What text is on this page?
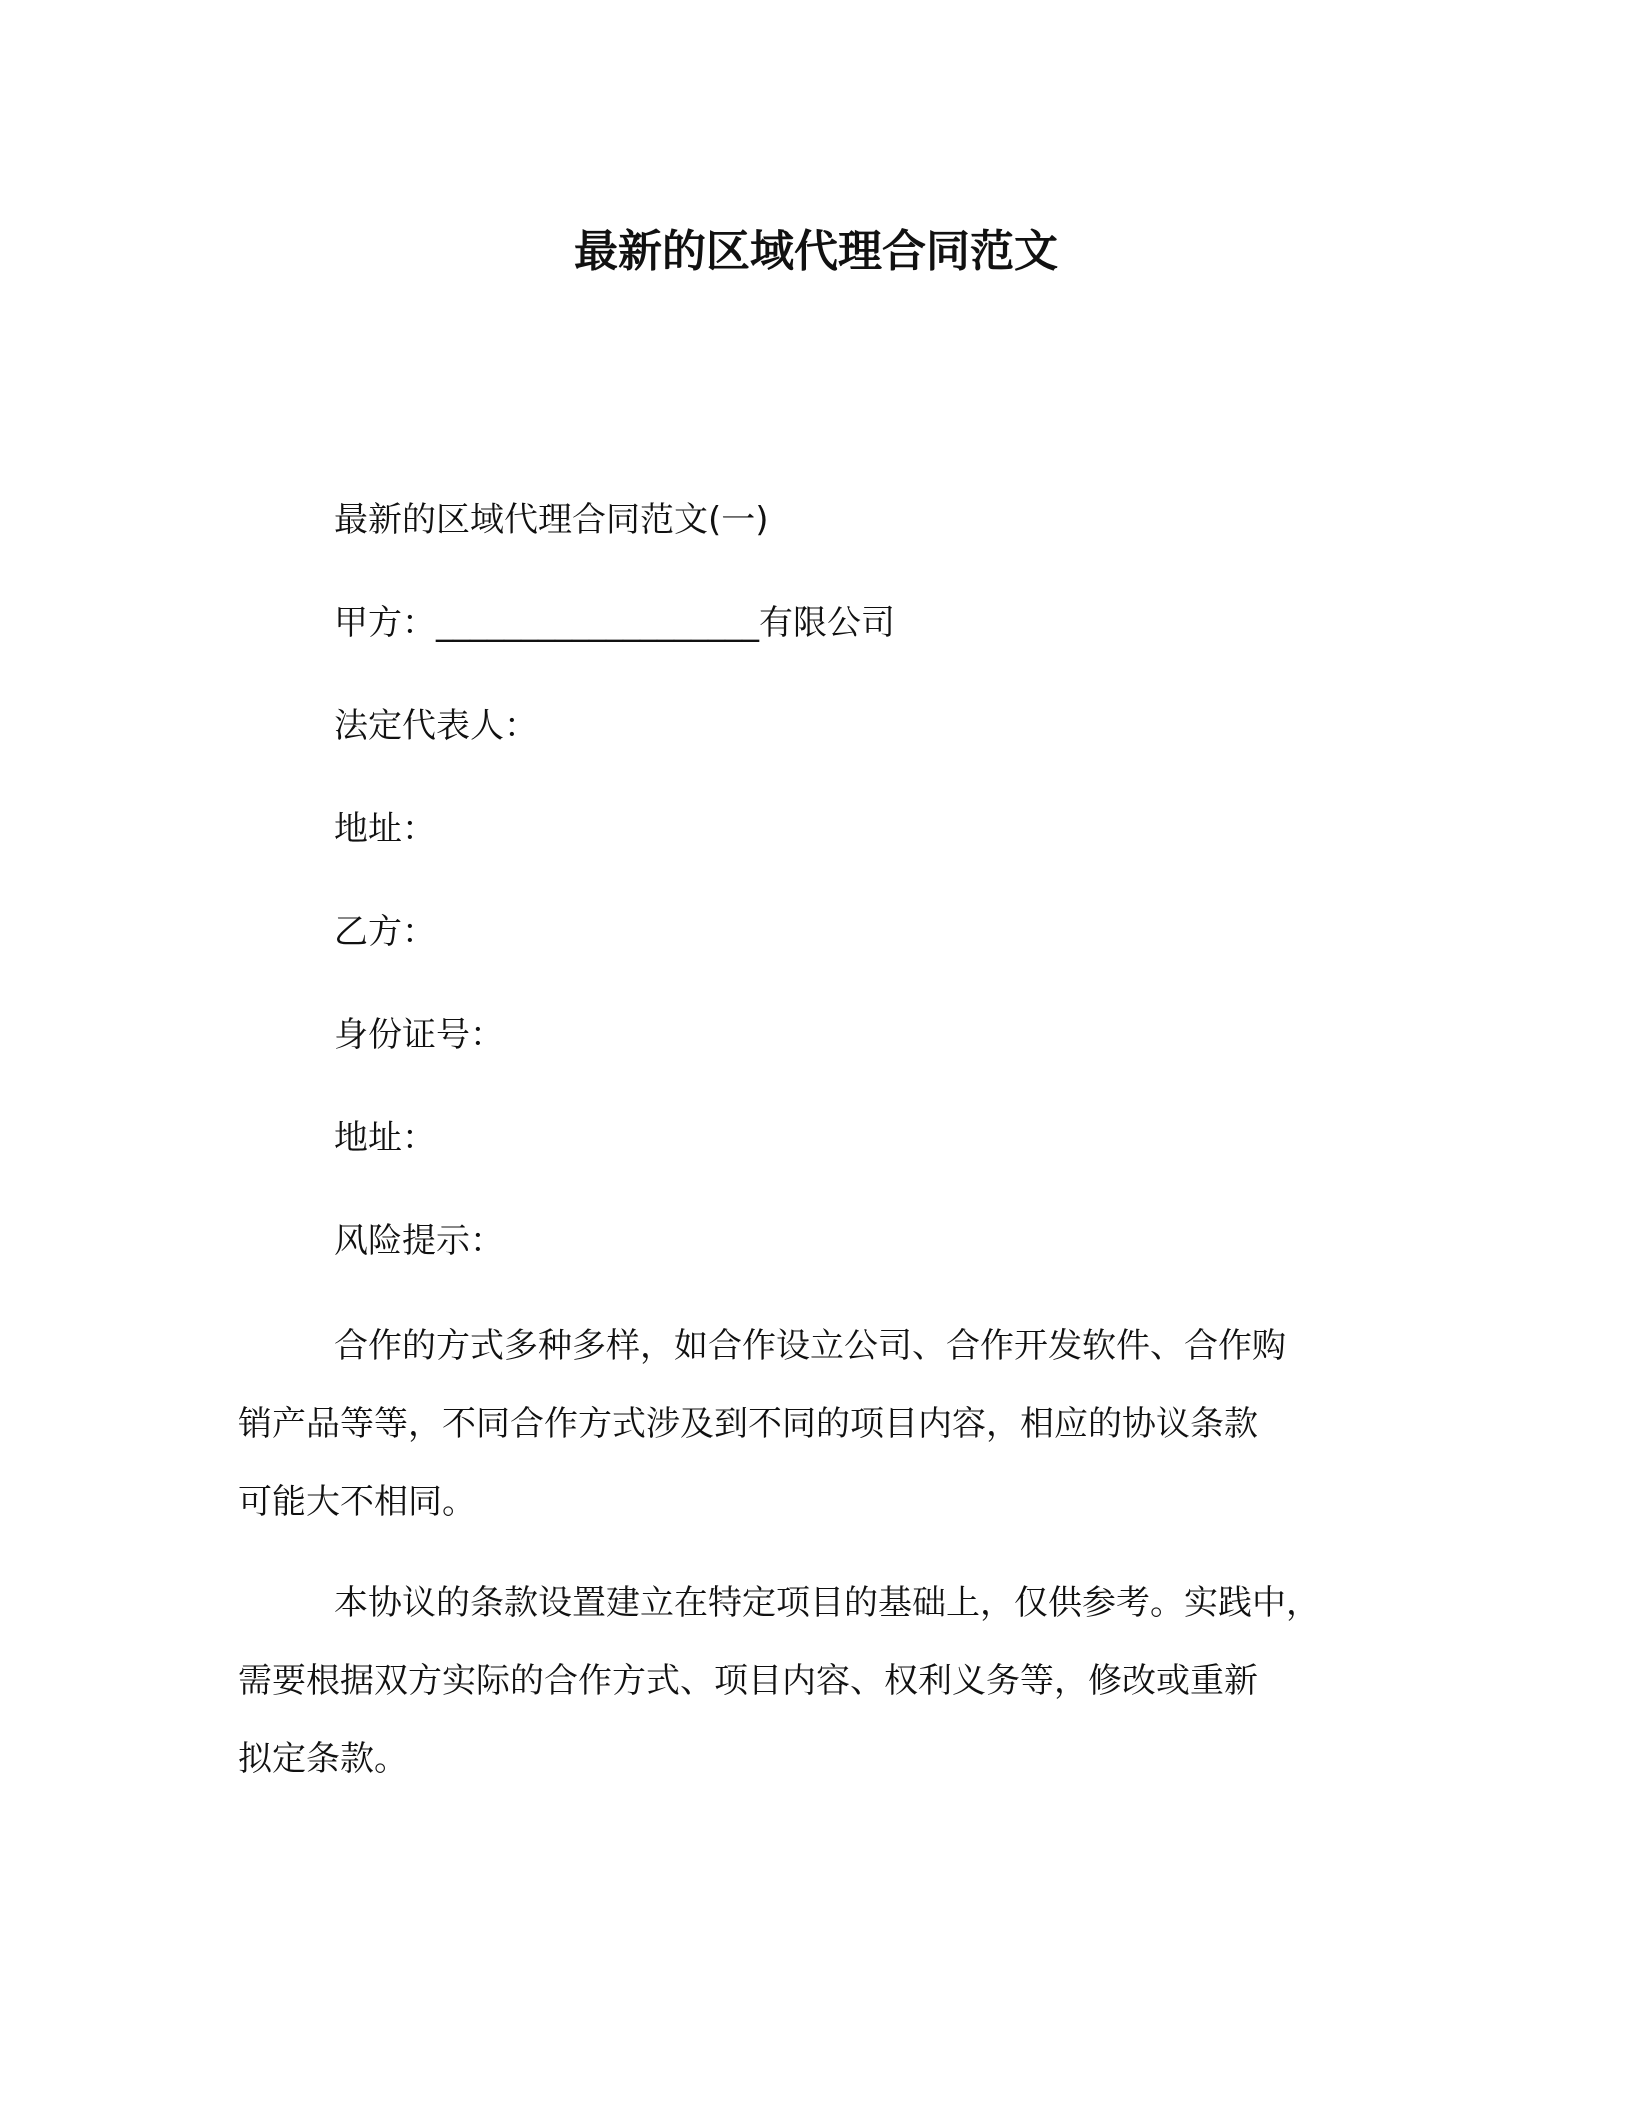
最新的区域代理合同范文

最新的区域代理合同范文(一)

甲方：___________________有限公司

法定代表人：

地址：

乙方：

身份证号：

地址：

风险提示：

合作的方式多种多样，如合作设立公司、合作开发软件、合作购
销产品等等，不同合作方式涉及到不同的项目内容，相应的协议条款
可能大不相同。
本协议的条款设置建立在特定项目的基础上，仅供参考。实践中，
需要根据双方实际的合作方式、项目内容、权利义务等，修改或重新
拟定条款。
